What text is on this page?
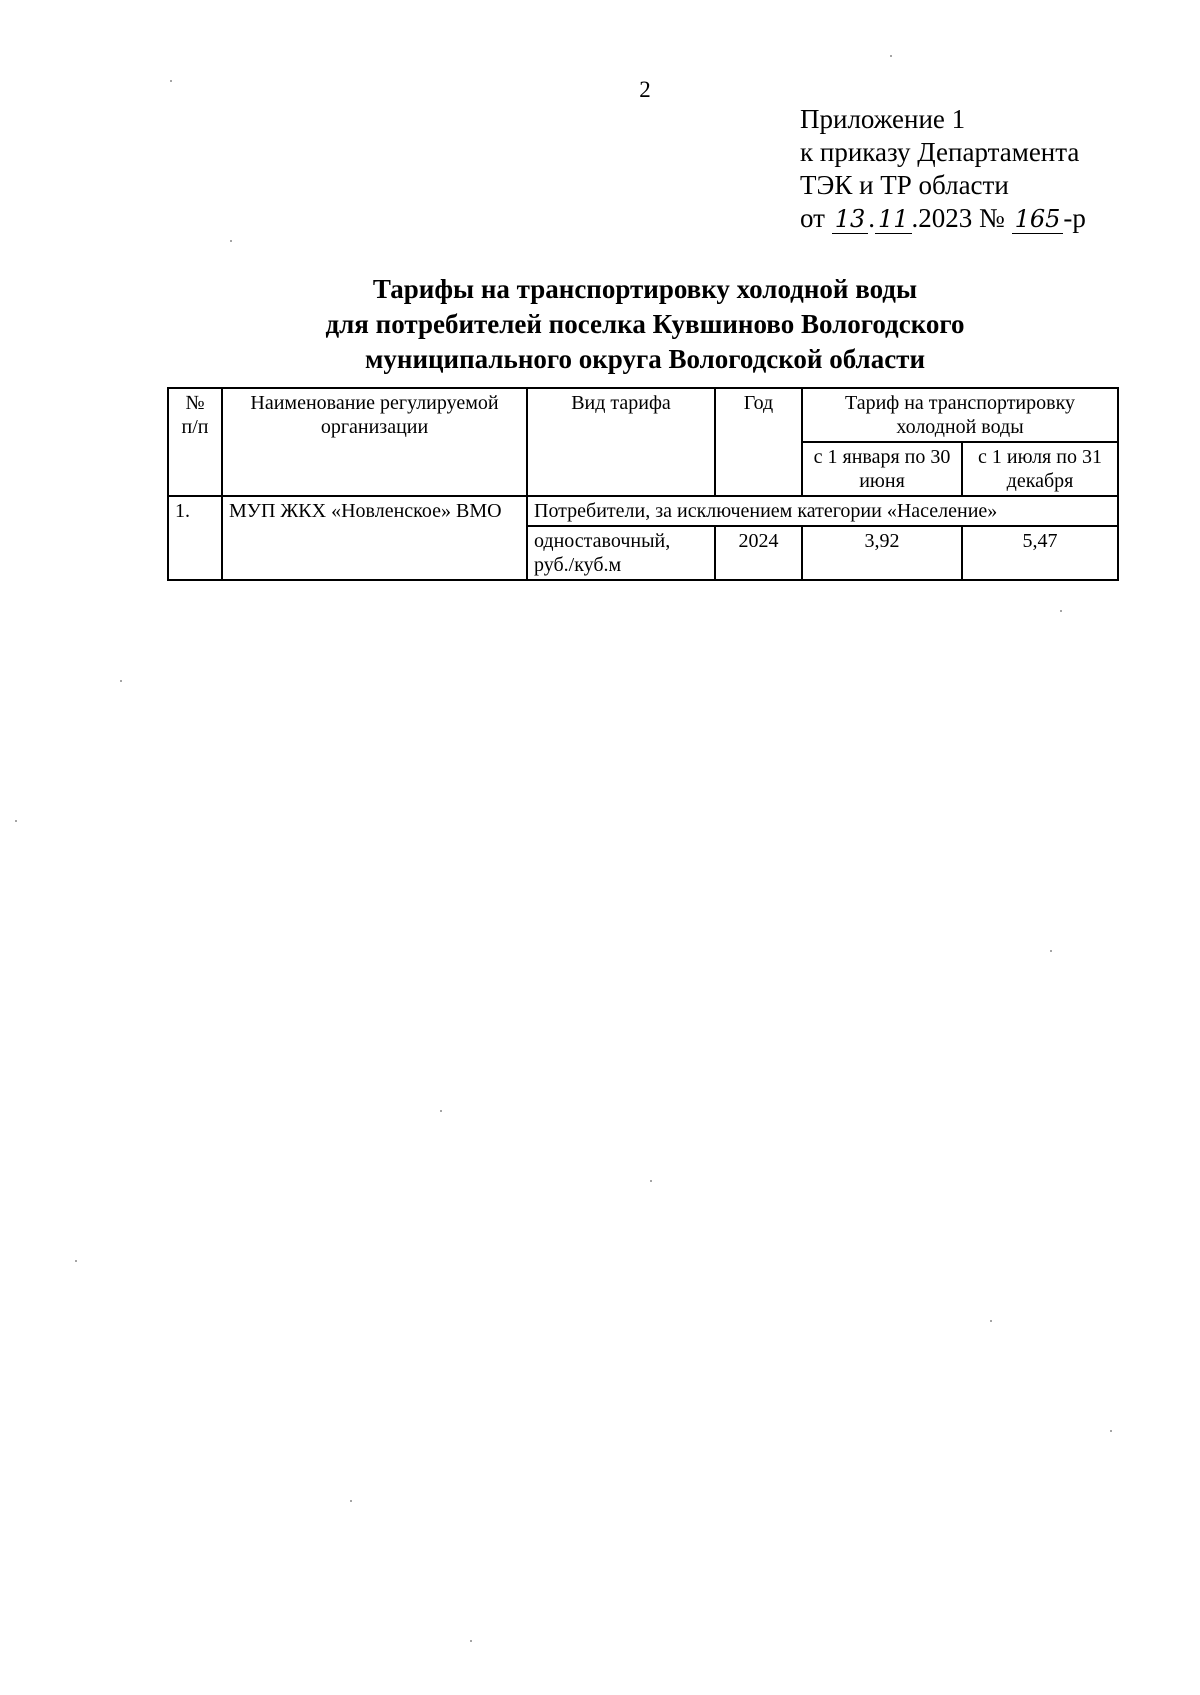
2
Приложение 1
к приказу Департамента
ТЭК и ТР области
от 13 . 11 .2023 № 165 -р
Тарифы на транспортировку холодной воды
для потребителей поселка Кувшиново Вологодского
муниципального округа Вологодской области
№ п/п	Наименование регулируемой организации	Вид тарифа	Год	Тариф на транспортировку холодной воды	
				с 1 января по 30 июня	с 1 июля по 31 декабря
1.	МУП ЖКХ «Новленское» ВМО	Потребители, за исключением категории «Население»			
		одноставочный, руб./куб.м	2024	3,92	5,47
